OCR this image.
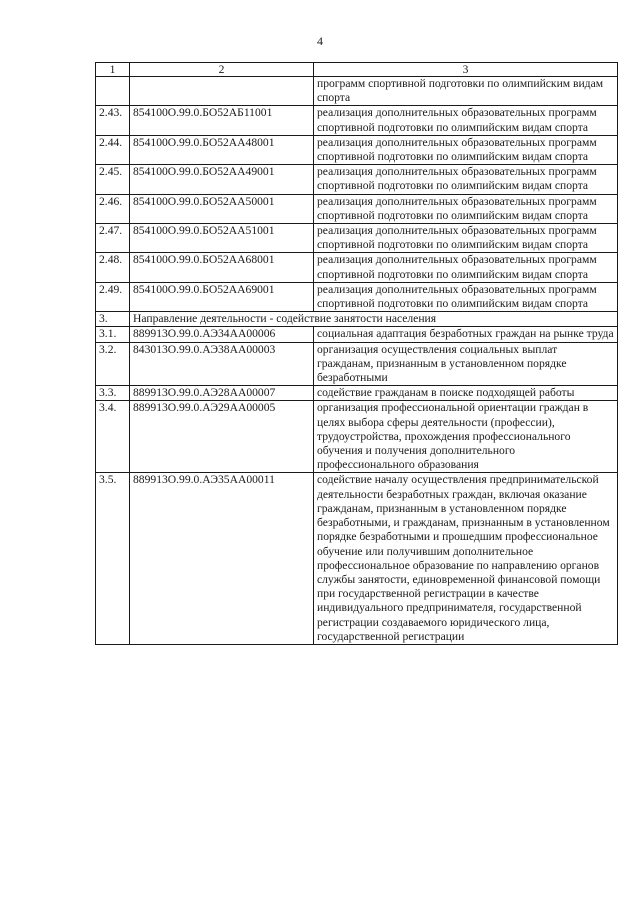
4
1	2	3
		программ спортивной подготовки по олимпийским видам спорта
2.43.	854100О.99.0.БО52АБ11001	реализация дополнительных образовательных программ спортивной подготовки по олимпийским видам спорта
2.44.	854100О.99.0.БО52АА48001	реализация дополнительных образовательных программ спортивной подготовки по олимпийским видам спорта
2.45.	854100О.99.0.БО52АА49001	реализация дополнительных образовательных программ спортивной подготовки по олимпийским видам спорта
2.46.	854100О.99.0.БО52АА50001	реализация дополнительных образовательных программ спортивной подготовки по олимпийским видам спорта
2.47.	854100О.99.0.БО52АА51001	реализация дополнительных образовательных программ спортивной подготовки по олимпийским видам спорта
2.48.	854100О.99.0.БО52АА68001	реализация дополнительных образовательных программ спортивной подготовки по олимпийским видам спорта
2.49.	854100О.99.0.БО52АА69001	реализация дополнительных образовательных программ спортивной подготовки по олимпийским видам спорта
3.	Направление деятельности - содействие занятости населения	
3.1.	889913О.99.0.АЭ34АА00006	социальная адаптация безработных граждан на рынке труда
3.2.	843013О.99.0.АЭ38АА00003	организация осуществления социальных выплат гражданам, признанным в установленном порядке безработными
3.3.	889913О.99.0.АЭ28АА00007	содействие гражданам в поиске подходящей работы
3.4.	889913О.99.0.АЭ29АА00005	организация профессиональной ориентации граждан в целях выбора сферы деятельности (профессии), трудоустройства, прохождения профессионального обучения и получения дополнительного профессионального образования
3.5.	889913О.99.0.АЭ35АА00011	содействие началу осуществления предпринимательской деятельности безработных граждан, включая оказание гражданам, признанным в установленном порядке безработными, и гражданам, признанным в установленном порядке безработными и прошедшим профессиональное обучение или получившим дополнительное профессиональное образование по направлению органов службы занятости, единовременной финансовой помощи при государственной регистрации в качестве индивидуального предпринимателя, государственной регистрации создаваемого юридического лица, государственной регистрации
